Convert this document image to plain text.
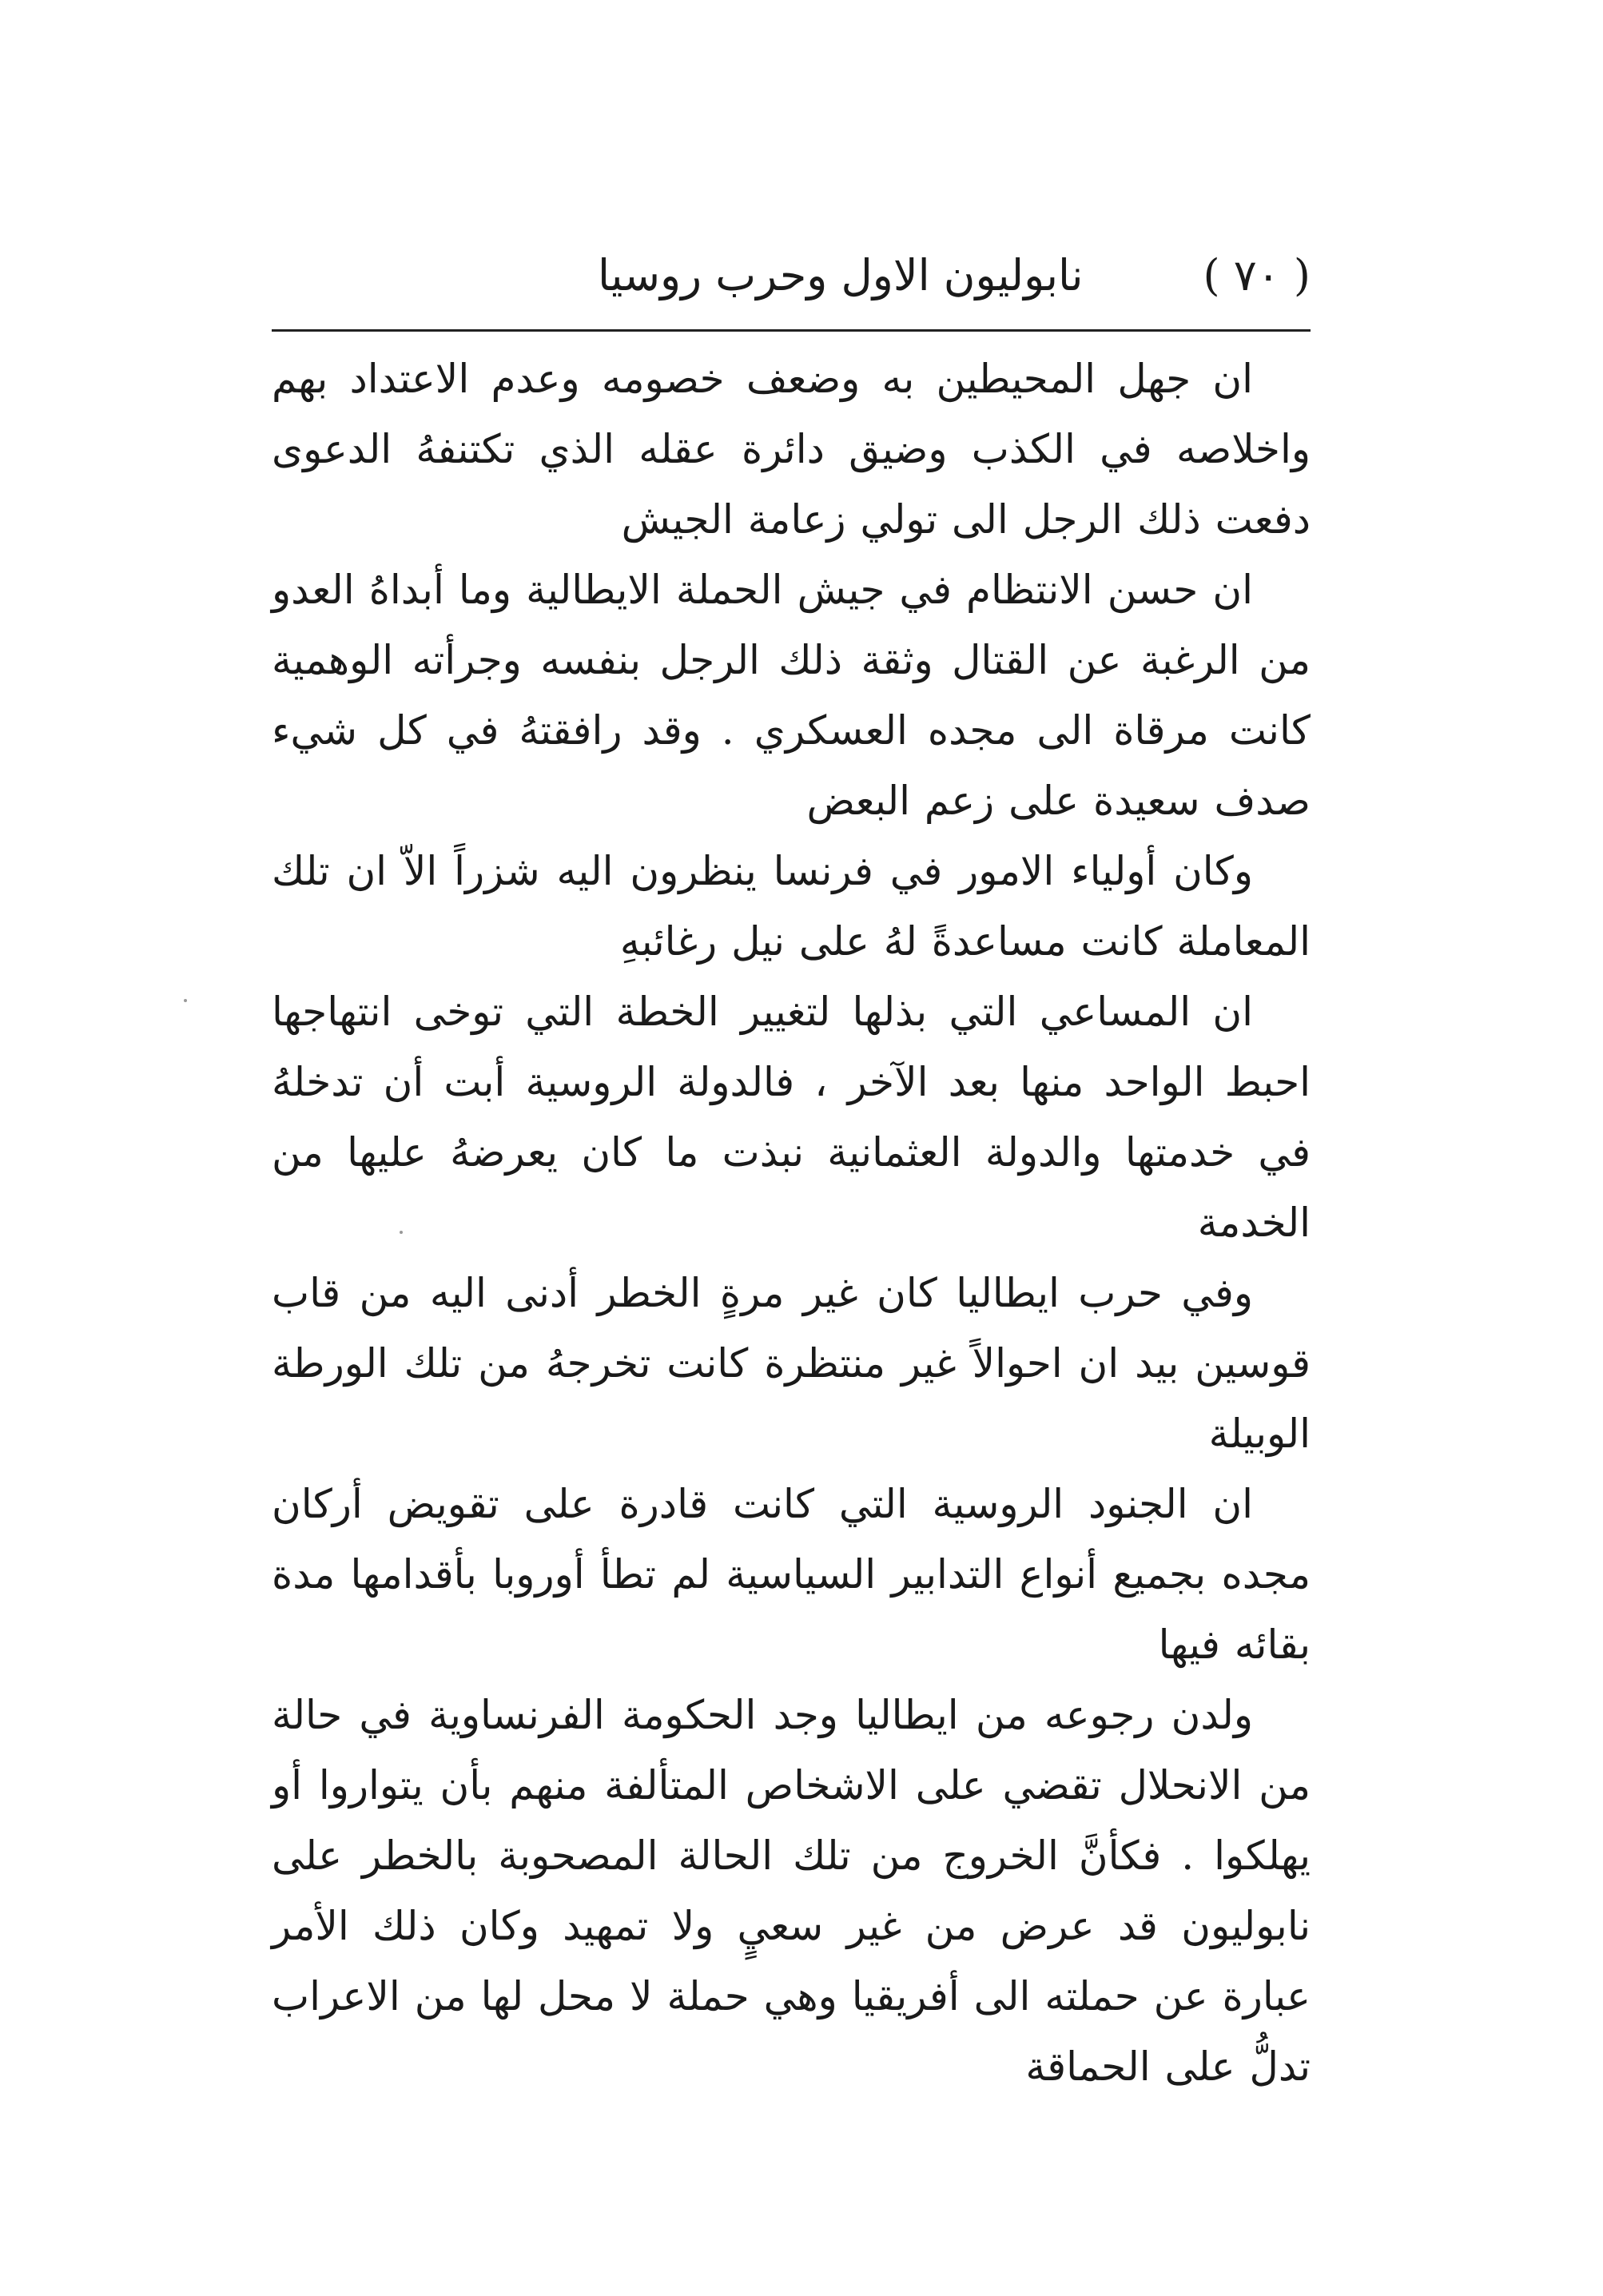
( ٧٠ )
نابوليون الاول وحرب روسيا

ان جهل المحيطين به وضعف خصومه وعدم الاعتداد بهم واخلاصه في الكذب وضيق دائرة عقله الذي تكتنفهُ الدعوى دفعت ذلك الرجل الى تولي زعامة الجيش

ان حسن الانتظام في جيش الحملة الايطالية وما أبداهُ العدو من الرغبة عن القتال وثقة ذلك الرجل بنفسه وجرأته الوهمية كانت مرقاة الى مجده العسكري . وقد رافقتهُ في كل شيء صدف سعيدة على زعم البعض

وكان أولياء الامور في فرنسا ينظرون اليه شزراً الاّ ان تلك المعاملة كانت مساعدةً لهُ على نيل رغائبهِ

ان المساعي التي بذلها لتغيير الخطة التي توخى انتهاجها احبط الواحد منها بعد الآخر ، فالدولة الروسية أبت أن تدخلهُ في خدمتها والدولة العثمانية نبذت ما كان يعرضهُ عليها من الخدمة

وفي حرب ايطاليا كان غير مرةٍ الخطر أدنى اليه من قاب قوسين بيد ان احوالاً غير منتظرة كانت تخرجهُ من تلك الورطة الوبيلة

ان الجنود الروسية التي كانت قادرة على تقويض أركان مجده بجميع أنواع التدابير السياسية لم تطأ أوروبا بأقدامها مدة بقائه فيها

ولدن رجوعه من ايطاليا وجد الحكومة الفرنساوية في حالة من الانحلال تقضي على الاشخاص المتألفة منهم بأن يتواروا أو يهلكوا . فكأنَّ الخروج من تلك الحالة المصحوبة بالخطر على نابوليون قد عرض من غير سعيٍ ولا تمهيد وكان ذلك الأمر عبارة عن حملته الى أفريقيا وهي حملة لا محل لها من الاعراب تدلُّ على الحماقة
